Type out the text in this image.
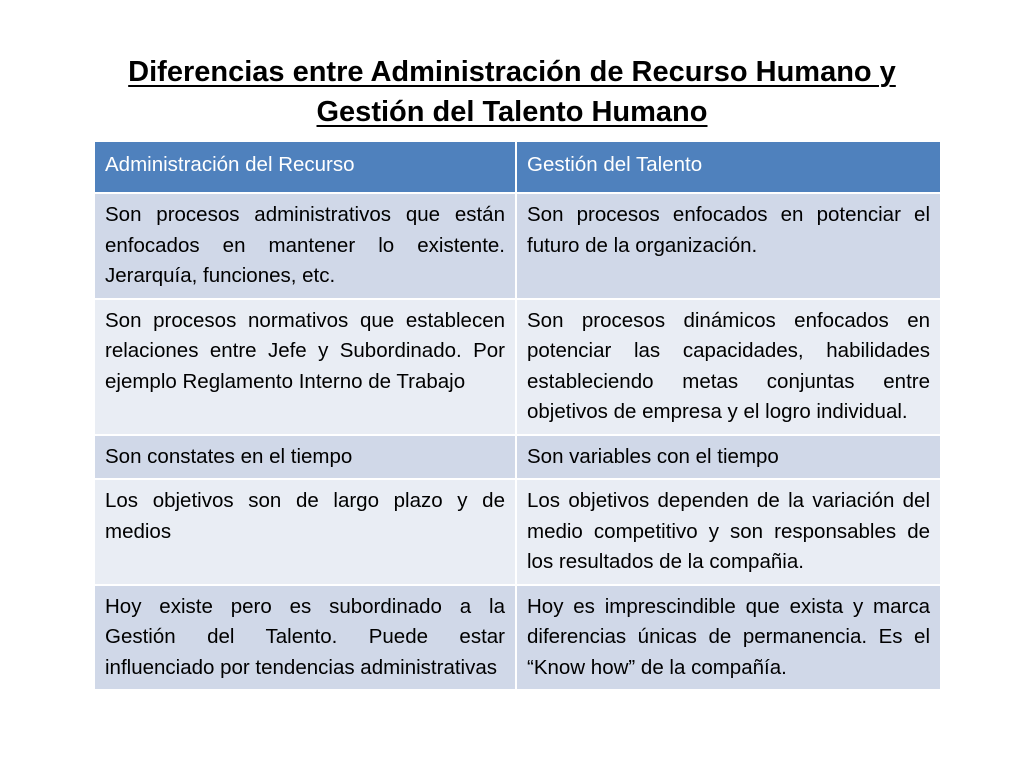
Diferencias entre Administración de Recurso Humano y
Gestión del Talento Humano
Administración del Recurso	Gestión del Talento
Son procesos administrativos que están enfocados en mantener lo existente. Jerarquía, funciones, etc.	Son procesos enfocados en potenciar el futuro de la organización.
Son procesos normativos que establecen relaciones entre Jefe y Subordinado. Por ejemplo Reglamento Interno de Trabajo	Son procesos dinámicos enfocados en potenciar las capacidades, habilidades estableciendo metas conjuntas entre objetivos de empresa y el logro individual.
Son constates en el tiempo	Son variables con el tiempo
Los objetivos son de largo plazo y de medios	Los objetivos dependen de la variación del medio competitivo y son responsables de los resultados de la compañia.
Hoy existe pero es subordinado a la Gestión del Talento. Puede estar influenciado por tendencias administrativas	Hoy es imprescindible que exista y marca diferencias únicas de permanencia. Es el “Know how” de la compañía.
